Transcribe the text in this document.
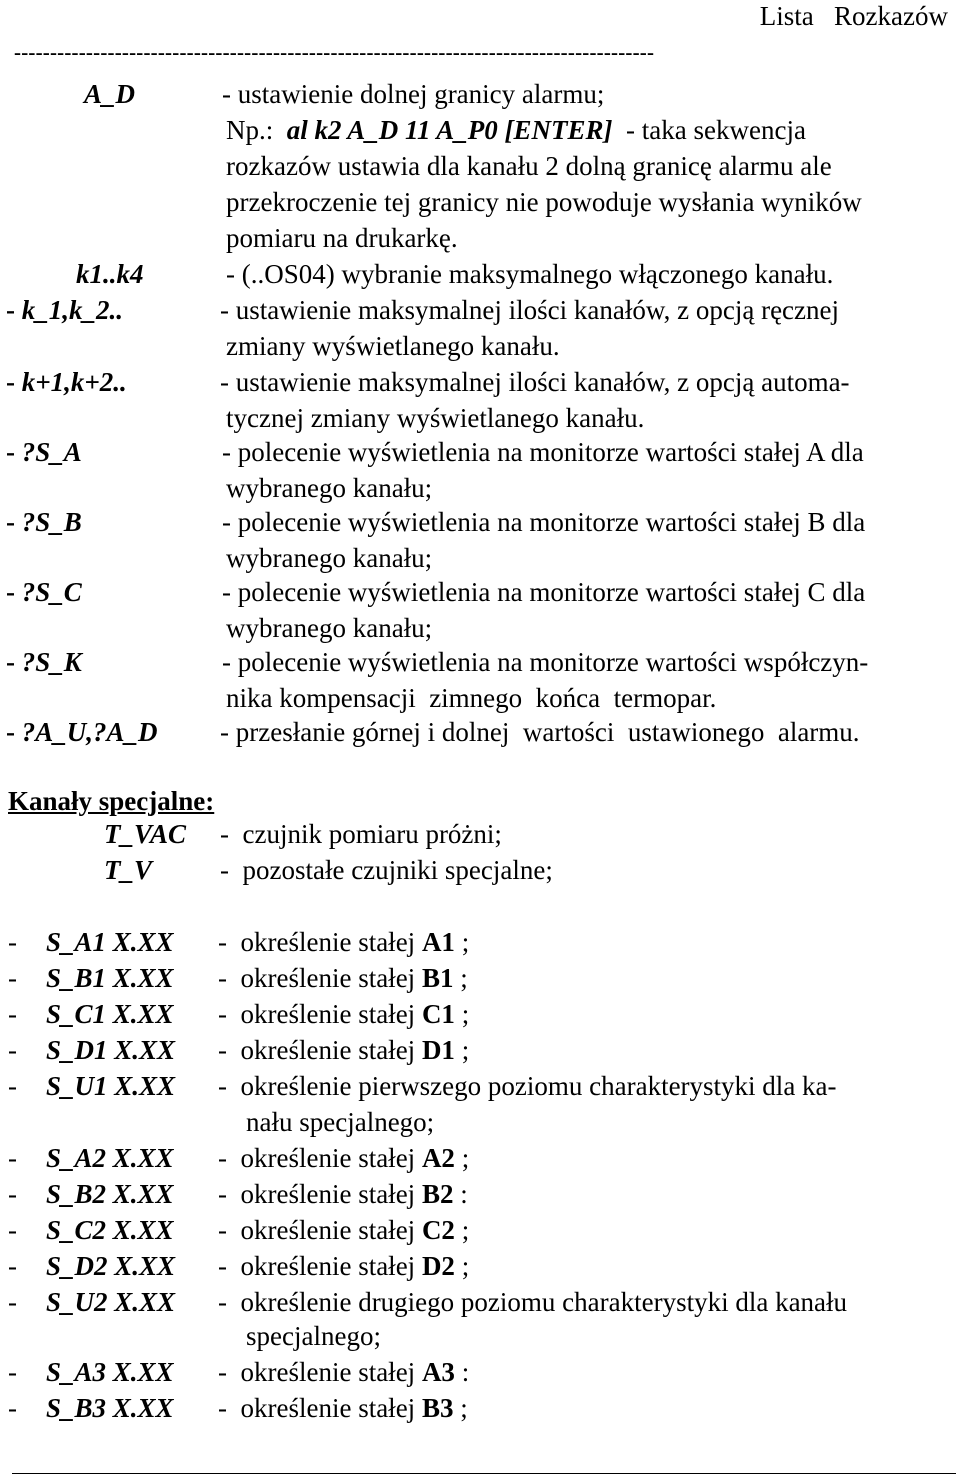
Lista   Rozkazów
-----------------------------------------------------------------------------------------
A_D	- ustawienie dolnej granicy alarmu;
Np.: al k2 A_D 11 A_P0 [ENTER]  - taka sekwencja
rozkazów ustawia dla kanału 2 dolną granicę alarmu ale
przekroczenie tej granicy nie powoduje wysłania wyników
pomiaru na drukarkę.
k1..k4	- (..OS04) wybranie maksymalnego włączonego kanału.
- k_1,k_2..	- ustawienie maksymalnej ilości kanałów, z opcją ręcznej
zmiany wyświetlanego kanału.
- k+1,k+2..	- ustawienie maksymalnej ilości kanałów, z opcją automa-
tycznej zmiany wyświetlanego kanału.
- ?S_A	- polecenie wyświetlenia na monitorze wartości stałej A dla
wybranego kanału;
- ?S_B	- polecenie wyświetlenia na monitorze wartości stałej B dla
wybranego kanału;
- ?S_C	- polecenie wyświetlenia na monitorze wartości stałej C dla
wybranego kanału;
- ?S_K	- polecenie wyświetlenia na monitorze wartości współczyn-
nika kompensacji  zimnego  końca  termopar.
- ?A_U,?A_D - przesłanie górnej i dolnej  wartości  ustawionego  alarmu.
Kanały specjalne:
T_VAC -  czujnik pomiaru próżni;
T_V	-  pozostałe czujniki specjalne;
- S_A1 X.XX -  określenie stałej A1 ;
- S_B1 X.XX -  określenie stałej B1 ;
- S_C1 X.XX -  określenie stałej C1 ;
- S_D1 X.XX -  określenie stałej D1 ;
- S_U1 X.XX -  określenie pierwszego poziomu charakterystyki dla ka-
nału specjalnego;
- S_A2 X.XX -  określenie stałej A2 ;
- S_B2 X.XX -  określenie stałej B2 :
- S_C2 X.XX -  określenie stałej C2 ;
- S_D2 X.XX -  określenie stałej D2 ;
- S_U2 X.XX -  określenie drugiego poziomu charakterystyki dla kanału
specjalnego;
- S_A3 X.XX -  określenie stałej A3 :
- S_B3 X.XX -  określenie stałej B3 ;
